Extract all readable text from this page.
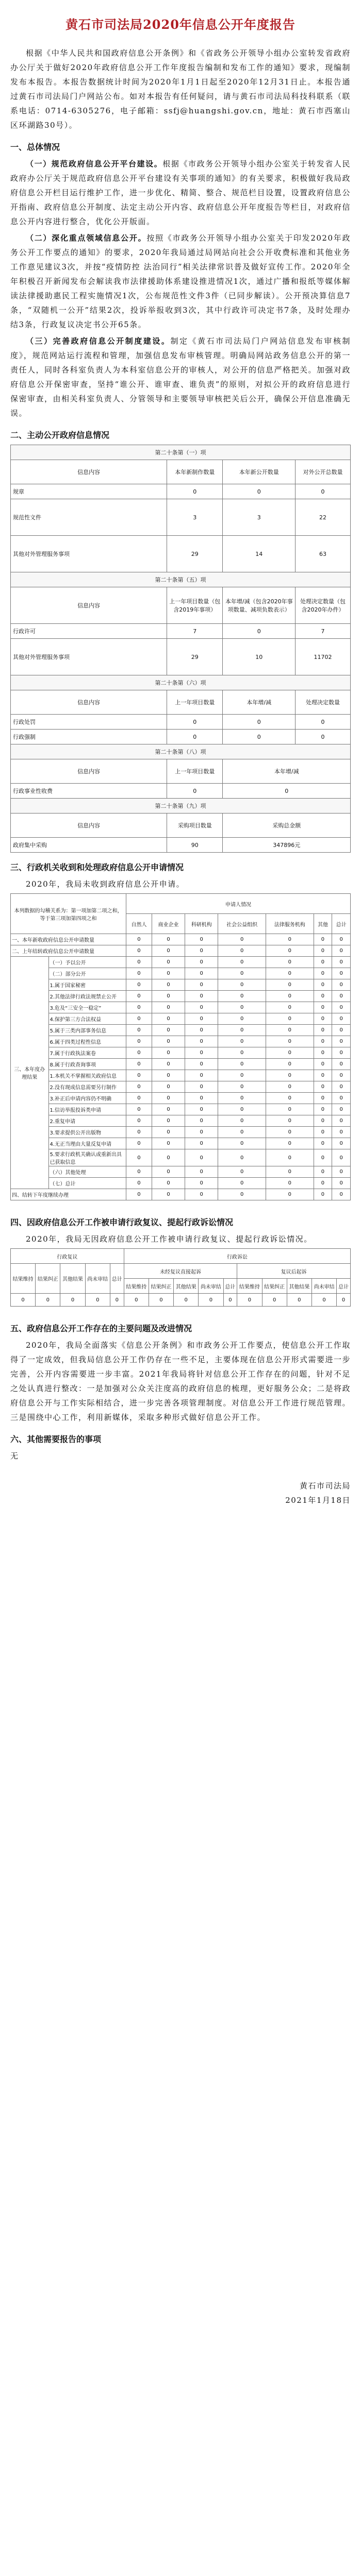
黄石市司法局2020年信息公开年度报告

根据《中华人民共和国政府信息公开条例》和《省政务公开领导小组办公室转发省政府办公厅关于做好2020年政府信息公开工作年度报告编制和发布工作的通知》要求，现编制发布本报告。本报告数据统计时间为2020年1月1日起至2020年12月31日止。本报告通过黄石市司法局门户网站公布。如对本报告有任何疑问，请与黄石市司法局科技科联系（联系电话：0714-6305276，电子邮箱：ssfj@huangshi.gov.cn，地址：黄石市西塞山区环湖路30号）。

一、总体情况

（一）规范政府信息公开平台建设。根据《市政务公开领导小组办公室关于转发省人民政府办公厅关于规范政府信息公开平台建设有关事项的通知》的有关要求，积极做好我局政府信息公开栏目运行维护工作，进一步优化、精简、整合、规范栏目设置，设置政府信息公开指南、政府信息公开制度、法定主动公开内容、政府信息公开年度报告等栏目，对政府信息公开内容进行整合，优化公开版面。

（二）深化重点领域信息公开。按照《市政务公开领导小组办公室关于印发2020年政务公开工作要点的通知》的要求，2020年我局通过局网站向社会公开收费标准和其他业务工作意见建议3次，并按“疫情防控 法治同行”相关法律常识普及做好宣传工作。2020年全年积极召开新闻发布会解读我市法律援助体系建设推进情况1次，通过广播和报纸等媒体解读法律援助惠民工程实施情况1次，公布规范性文件3件（已同步解读）。公开预决算信息7条，“双随机一公开”结果2次，投诉举报收到3次，其中行政许可决定书7条，及时处理办结3条，行政复议决定书公开65条。

（三）完善政府信息公开制度建设。制定《黄石市司法局门户网站信息发布审核制度》，规范网站运行流程和管理，加强信息发布审核管理。明确局网站政务信息公开的第一责任人，同时各科室负责人为本科室信息公开的审核人，对公开的信息严格把关。加强对政府信息公开保密审查，坚持“谁公开、谁审查、谁负责”的原则，对拟公开的政府信息进行保密审查，由相关科室负责人、分管领导和主要领导审核把关后公开，确保公开信息准确无误。

二、主动公开政府信息情况
第二十条第（一）项			
信息内容	本年新制作数量	本年新公开数量	对外公开总数量
规章	0	0	0
规范性文件	3	3	22
其他对外管理服务事项	29	14	63
第二十条第（五）项			
信息内容	上一年项目数量（包含2019年事项）	本年增/减（包含2020年事项数量、减项负数表示）	处理决定数量（包含2020年办件）
行政许可	7	0	7
其他对外管理服务事项	29	10	11702
第二十条第（六）项			
信息内容	上一年项目数量	本年增/减	处理决定数量
行政处罚	0	0	0
行政强制	0	0	0
第二十条第（八）项			
信息内容	上一年项目数量	本年增/减	
行政事业性收费	0	0	
第二十条第（九）项			
信息内容	采购项目数量	采购总金额	
政府集中采购	90	347896元	
三、行政机关收到和处理政府信息公开申请情况

2020年，我局未收到政府信息公开申请。

本列数据的勾稽关系为：第一项加第二项之和，等于第三项加第四项之和		申请人情况						
		自然人	商业企业	科研机构	社会公益组织	法律服务机构	其他	总计
一、本年新收政府信息公开申请数量		0	0	0	0	0	0	0
二、上年结转政府信息公开申请数量		0	0	0	0	0	0	0
三、本年度办理结果	（一）予以公开	0	0	0	0	0	0	0
	（二）部分公开	0	0	0	0	0	0	0
	1.属于国家秘密	0	0	0	0	0	0	0
	2.其他法律行政法规禁止公开	0	0	0	0	0	0	0
	3.危及“三安全一稳定”	0	0	0	0	0	0	0
	4.保护第三方合法权益	0	0	0	0	0	0	0
	5.属于三类内部事务信息	0	0	0	0	0	0	0
	6.属于四类过程性信息	0	0	0	0	0	0	0
	7.属于行政执法案卷	0	0	0	0	0	0	0
	8.属于行政查询事项	0	0	0	0	0	0	0
	1.本机关不掌握相关政府信息	0	0	0	0	0	0	0
	2.没有现成信息需要另行制作	0	0	0	0	0	0	0
	3.补正后申请内容仍不明确	0	0	0	0	0	0	0
	1.信访举报投诉类申请	0	0	0	0	0	0	0
	2.重复申请	0	0	0	0	0	0	0
	3.要求提供公开出版物	0	0	0	0	0	0	0
	4.无正当理由大量反复申请	0	0	0	0	0	0	0
	5.要求行政机关确认或重新出具已获取信息	0	0	0	0	0	0	0
	（六）其他处理	0	0	0	0	0	0	0
	（七）总计	0	0	0	0	0	0	0
四、结转下年度继续办理		0	0	0	0	0	0	0
四、因政府信息公开工作被申请行政复议、提起行政诉讼情况

2020年，我局无因政府信息公开工作被申请行政复议、提起行政诉讼情况。

行政复议					行政诉讼									
结果维持	结果纠正	其他结果	尚未审结	总计	未经复议直接起诉					复议后起诉				
					结果维持	结果纠正	其他结果	尚未审结	总计	结果维持	结果纠正	其他结果	尚未审结	总计
0	0	0	0	0	0	0	0	0	0	0	0	0	0	0
五、政府信息公开工作存在的主要问题及改进情况

2020年，我局全面落实《信息公开条例》和市政务公开工作要点，使信息公开工作取得了一定成效，但我局信息公开工作仍存在一些不足，主要体现在信息公开形式需要进一步完善，公开内容需要进一步丰富。2021年我局将针对信息公开工作存在的问题，针对不足之处认真进行整改：一是加强对公众关注度高的政府信息的梳理，更好服务公众；二是将政府信息公开与工作实际相结合，进一步完善各项管理制度。对信息公开工作进行规范管理。三是围绕中心工作，利用新媒体，采取多种形式做好信息公开工作。

六、其他需要报告的事项

无

黄石市司法局
2021年1月18日
